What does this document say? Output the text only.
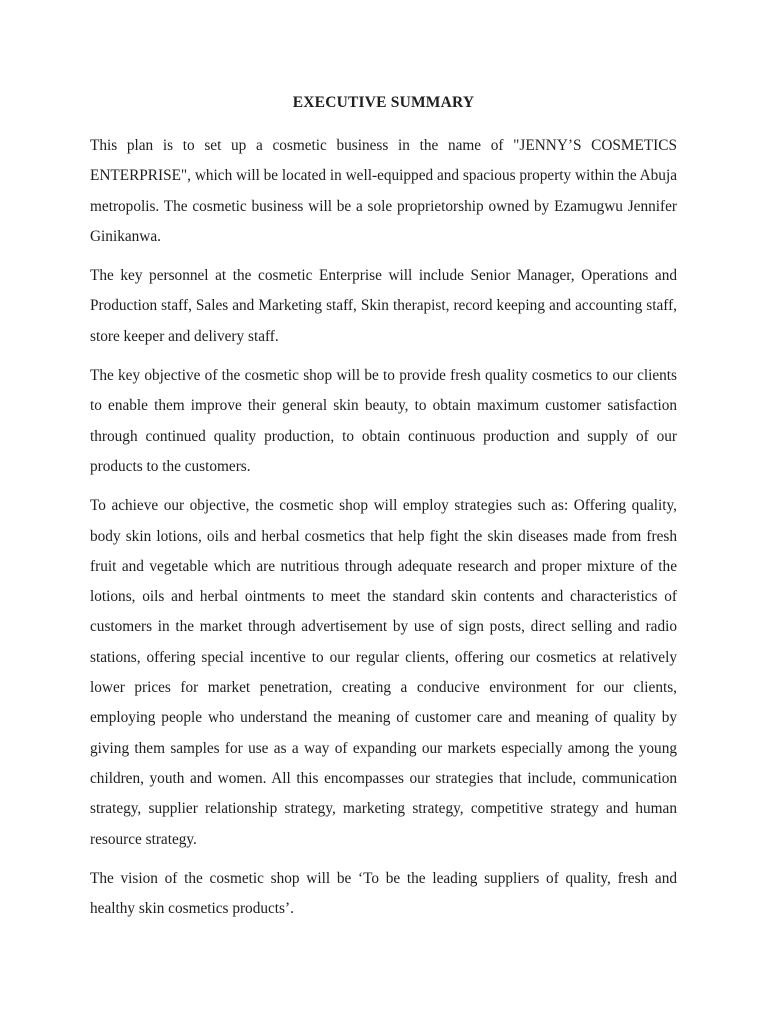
EXECUTIVE SUMMARY

This plan is to set up a cosmetic business in the name of "JENNY’S COSMETICS ENTERPRISE", which will be located in well-equipped and spacious property within the Abuja metropolis. The cosmetic business will be a sole proprietorship owned by Ezamugwu Jennifer Ginikanwa.

The key personnel at the cosmetic Enterprise will include Senior Manager, Operations and Production staff, Sales and Marketing staff, Skin therapist, record keeping and accounting staff, store keeper and delivery staff.

The key objective of the cosmetic shop will be to provide fresh quality cosmetics to our clients to enable them improve their general skin beauty, to obtain maximum customer satisfaction through continued quality production, to obtain continuous production and supply of our products to the customers.

To achieve our objective, the cosmetic shop will employ strategies such as: Offering quality, body skin lotions, oils and herbal cosmetics that help fight the skin diseases made from fresh fruit and vegetable which are nutritious through adequate research and proper mixture of the lotions, oils and herbal ointments to meet the standard skin contents and characteristics of customers in the market through advertisement by use of sign posts, direct selling and radio stations, offering special incentive to our regular clients, offering our cosmetics at relatively lower prices for market penetration, creating a conducive environment for our clients, employing people who understand the meaning of customer care and meaning of quality by giving them samples for use as a way of expanding our markets especially among the young children, youth and women. All this encompasses our strategies that include, communication strategy, supplier relationship strategy, marketing strategy, competitive strategy and human resource strategy.

The vision of the cosmetic shop will be ‘To be the leading suppliers of quality, fresh and healthy skin cosmetics products’.
